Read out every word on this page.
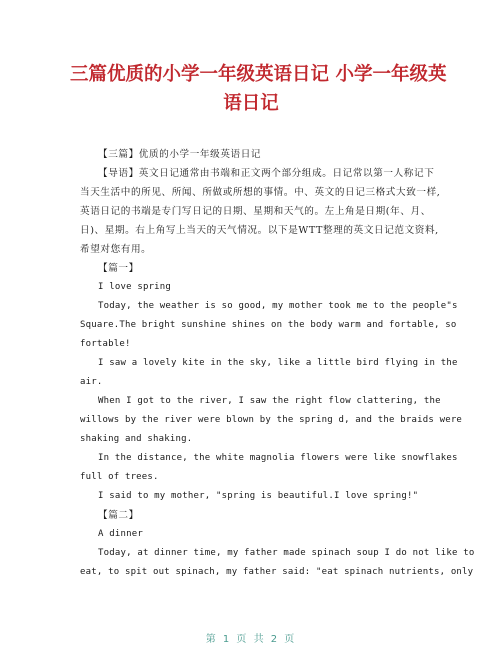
三篇优质的小学一年级英语日记 小学一年级英
语日记
【三篇】优质的小学一年级英语日记
【导语】英文日记通常由书端和正文两个部分组成。日记常以第一人称记下
当天生活中的所见、所闻、所做或所想的事情。中、英文的日记三格式大致一样,
英语日记的书端是专门写日记的日期、星期和天气的。左上角是日期(年、月、
日)、星期。右上角写上当天的天气情况。以下是WTT整理的英文日记范文资料,
希望对您有用。
【篇一】
I love spring
Today, the weather is so good, my mother took me to the people"s
Square.The bright sunshine shines on the body warm and fortable, so
fortable!
I saw a lovely kite in the sky, like a little bird flying in the
air.
When I got to the river, I saw the right flow clattering, the
willows by the river were blown by the spring d, and the braids were
shaking and shaking.
In the distance, the white magnolia flowers were like snowflakes
full of trees.
I said to my mother, "spring is beautiful.I love spring!"
【篇二】
A dinner
Today, at dinner time, my father made spinach soup I do not like to
eat, to spit out spinach, my father said: "eat spinach nutrients, only
第 1 页 共 2 页
